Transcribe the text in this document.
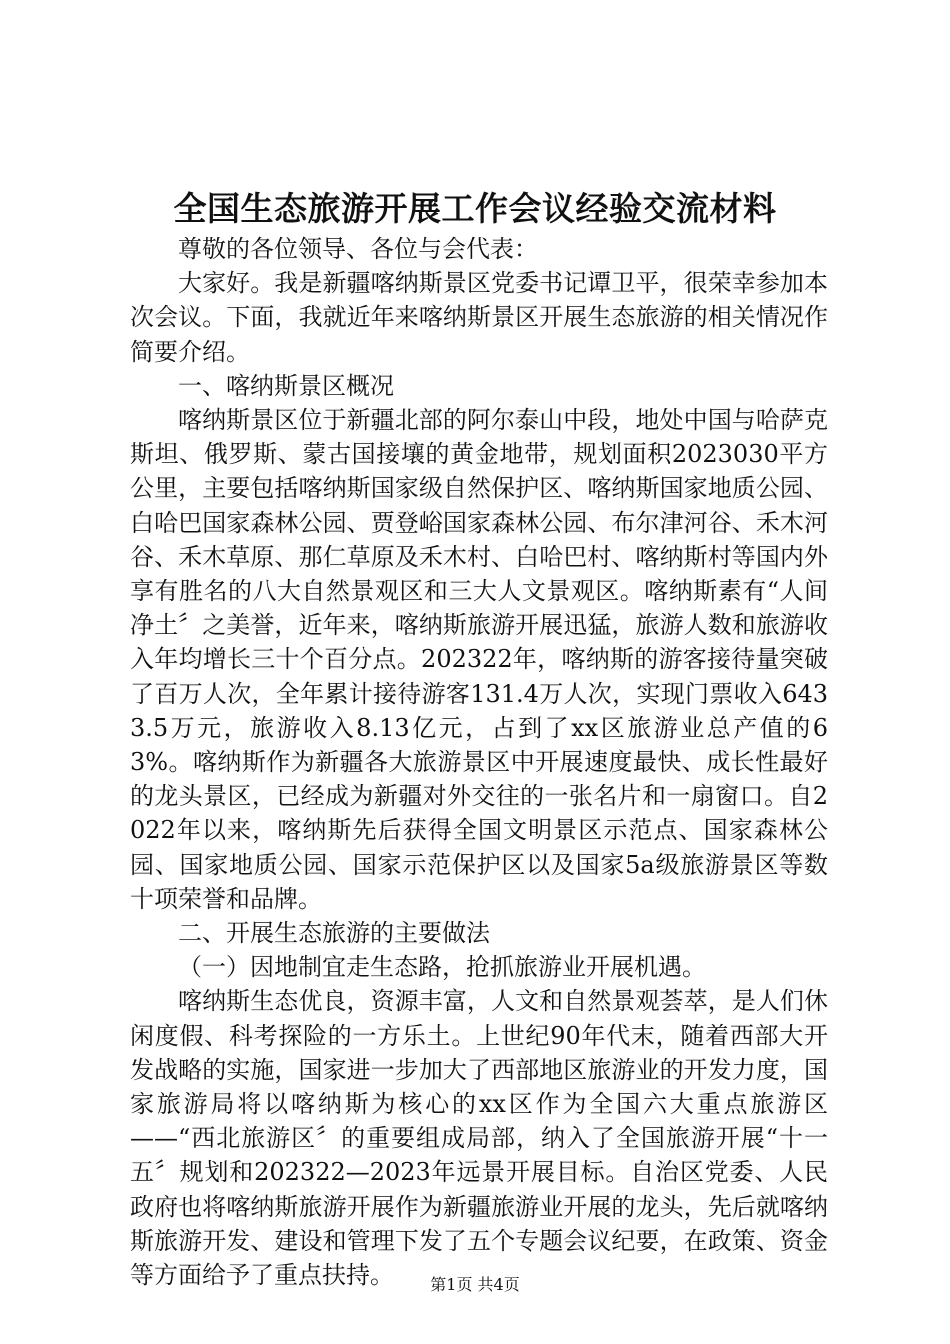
全国生态旅游开展工作会议经验交流材料

尊敬的各位领导、各位与会代表：

大家好。我是新疆喀纳斯景区党委书记谭卫平，很荣幸参加本次会议。下面，我就近年来喀纳斯景区开展生态旅游的相关情况作简要介绍。

一、喀纳斯景区概况

喀纳斯景区位于新疆北部的阿尔泰山中段，地处中国与哈萨克斯坦、俄罗斯、蒙古国接壤的黄金地带，规划面积2023030平方公里，主要包括喀纳斯国家级自然保护区、喀纳斯国家地质公园、白哈巴国家森林公园、贾登峪国家森林公园、布尔津河谷、禾木河谷、禾木草原、那仁草原及禾木村、白哈巴村、喀纳斯村等国内外享有胜名的八大自然景观区和三大人文景观区。喀纳斯素有“人间净土〞之美誉，近年来，喀纳斯旅游开展迅猛，旅游人数和旅游收入年均增长三十个百分点。202322年，喀纳斯的游客接待量突破了百万人次，全年累计接待游客131.4万人次，实现门票收入6433.5万元，旅游收入8.13亿元，占到了xx区旅游业总产值的63%。喀纳斯作为新疆各大旅游景区中开展速度最快、成长性最好的龙头景区，已经成为新疆对外交往的一张名片和一扇窗口。自2022年以来，喀纳斯先后获得全国文明景区示范点、国家森林公园、国家地质公园、国家示范保护区以及国家5a级旅游景区等数十项荣誉和品牌。

二、开展生态旅游的主要做法

（一）因地制宜走生态路，抢抓旅游业开展机遇。

喀纳斯生态优良，资源丰富，人文和自然景观荟萃，是人们休闲度假、科考探险的一方乐土。上世纪90年代末，随着西部大开发战略的实施，国家进一步加大了西部地区旅游业的开发力度，国家旅游局将以喀纳斯为核心的xx区作为全国六大重点旅游区——“西北旅游区〞的重要组成局部，纳入了全国旅游开展“十一五〞规划和202322—2023年远景开展目标。自治区党委、人民政府也将喀纳斯旅游开展作为新疆旅游业开展的龙头，先后就喀纳斯旅游开发、建设和管理下发了五个专题会议纪要，在政策、资金等方面给予了重点扶持。	第1页 共4页
